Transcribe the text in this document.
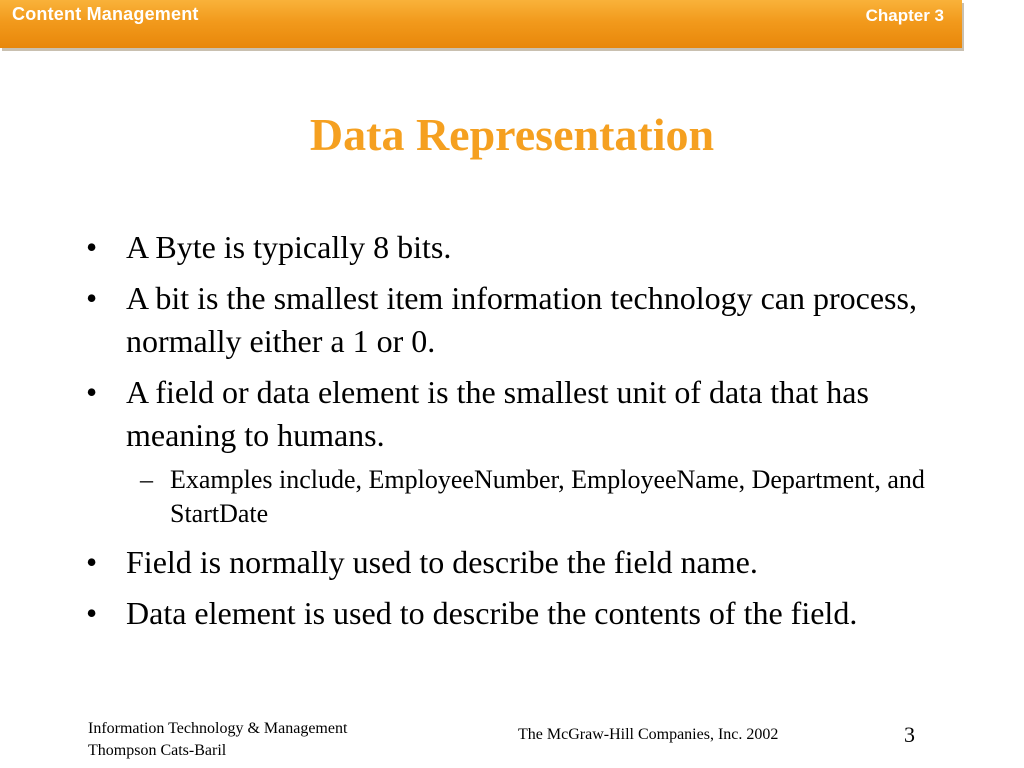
Content Management	Chapter 3
Data Representation
• A Byte is typically 8 bits.
• A bit is the smallest item information technology can process, normally either a 1 or 0.
• A field or data element is the smallest unit of data that has meaning to humans.
– Examples include, EmployeeNumber, EmployeeName, Department, and StartDate
• Field is normally used to describe the field name.
• Data element is used to describe the contents of the field.
Information Technology & Management
Thompson Cats-Baril
The McGraw-Hill Companies, Inc. 2002	3
